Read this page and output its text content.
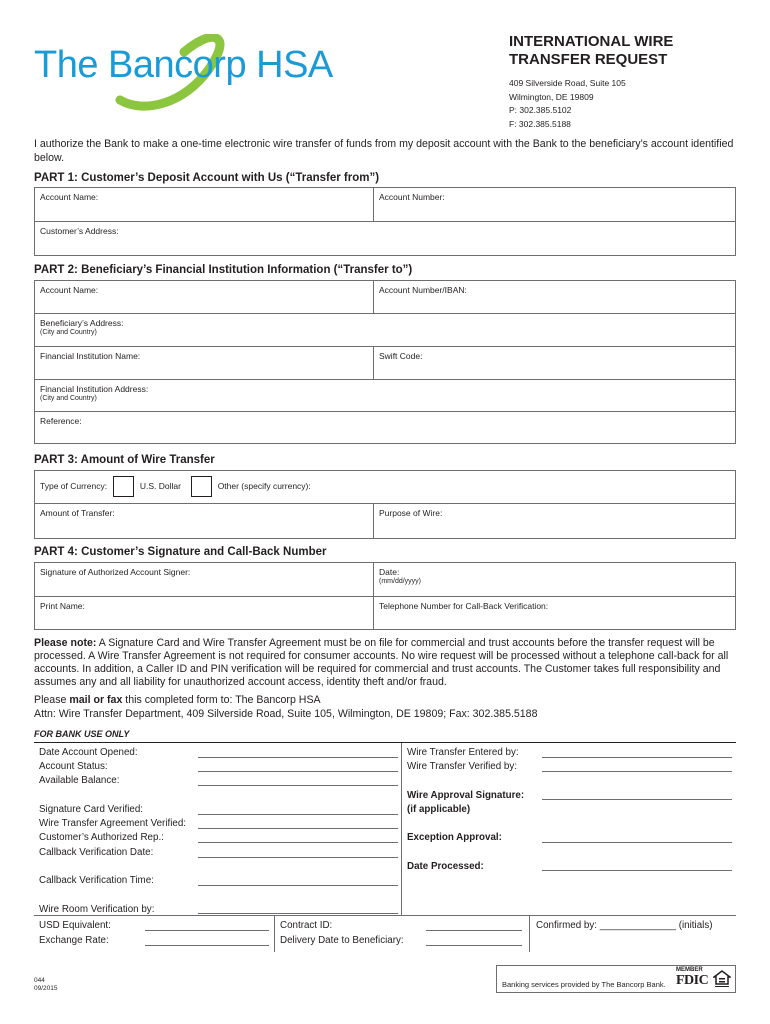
The Bancorp HSA
INTERNATIONAL WIRE
TRANSFER REQUEST
409 Silverside Road, Suite 105
Wilmington, DE 19809
P: 302.385.5102
F: 302.385.5188
I authorize the Bank to make a one-time electronic wire transfer of funds from my deposit account with the Bank to the beneficiary’s account identified below.
PART 1: Customer’s Deposit Account with Us (“Transfer from”)
Account Name:	Account Number:
Customer’s Address:
PART 2: Beneficiary’s Financial Institution Information (“Transfer to”)
Account Name:	Account Number/IBAN:
Beneficiary’s Address:
(City and Country)
Financial Institution Name:	Swift Code:
Financial Institution Address:
(City and Country)
Reference:
PART 3: Amount of Wire Transfer
Type of Currency:	U.S. Dollar	Other (specify currency):
Amount of Transfer:	Purpose of Wire:
PART 4: Customer’s Signature and Call-Back Number
Signature of Authorized Account Signer:	Date:
(mm/dd/yyyy)
Print Name:	Telephone Number for Call-Back Verification:
Please note: A Signature Card and Wire Transfer Agreement must be on file for commercial and trust accounts before the transfer request will be processed. A Wire Transfer Agreement is not required for consumer accounts. No wire request will be processed without a telephone call-back for all accounts. In addition, a Caller ID and PIN verification will be required for commercial and trust accounts. The Customer takes full responsibility and assumes any and all liability for unauthorized account access, identity theft and/or fraud.
Please mail or fax this completed form to: The Bancorp HSA
Attn: Wire Transfer Department, 409 Silverside Road, Suite 105, Wilmington, DE 19809; Fax: 302.385.5188
FOR BANK USE ONLY
Date Account Opened:
Account Status:
Available Balance:
Signature Card Verified:
Wire Transfer Agreement Verified:
Customer’s Authorized Rep.:
Callback Verification Date:
Callback Verification Time:
Wire Room Verification by:
Wire Transfer Entered by:
Wire Transfer Verified by:
Wire Approval Signature:
(if applicable)
Exception Approval:
Date Processed:
USD Equivalent:
Exchange Rate:
Contract ID:
Delivery Date to Beneficiary:
Confirmed by: ______________ (initials)
044
09/2015	Banking services provided by The Bancorp Bank.
MEMBER
FDIC
